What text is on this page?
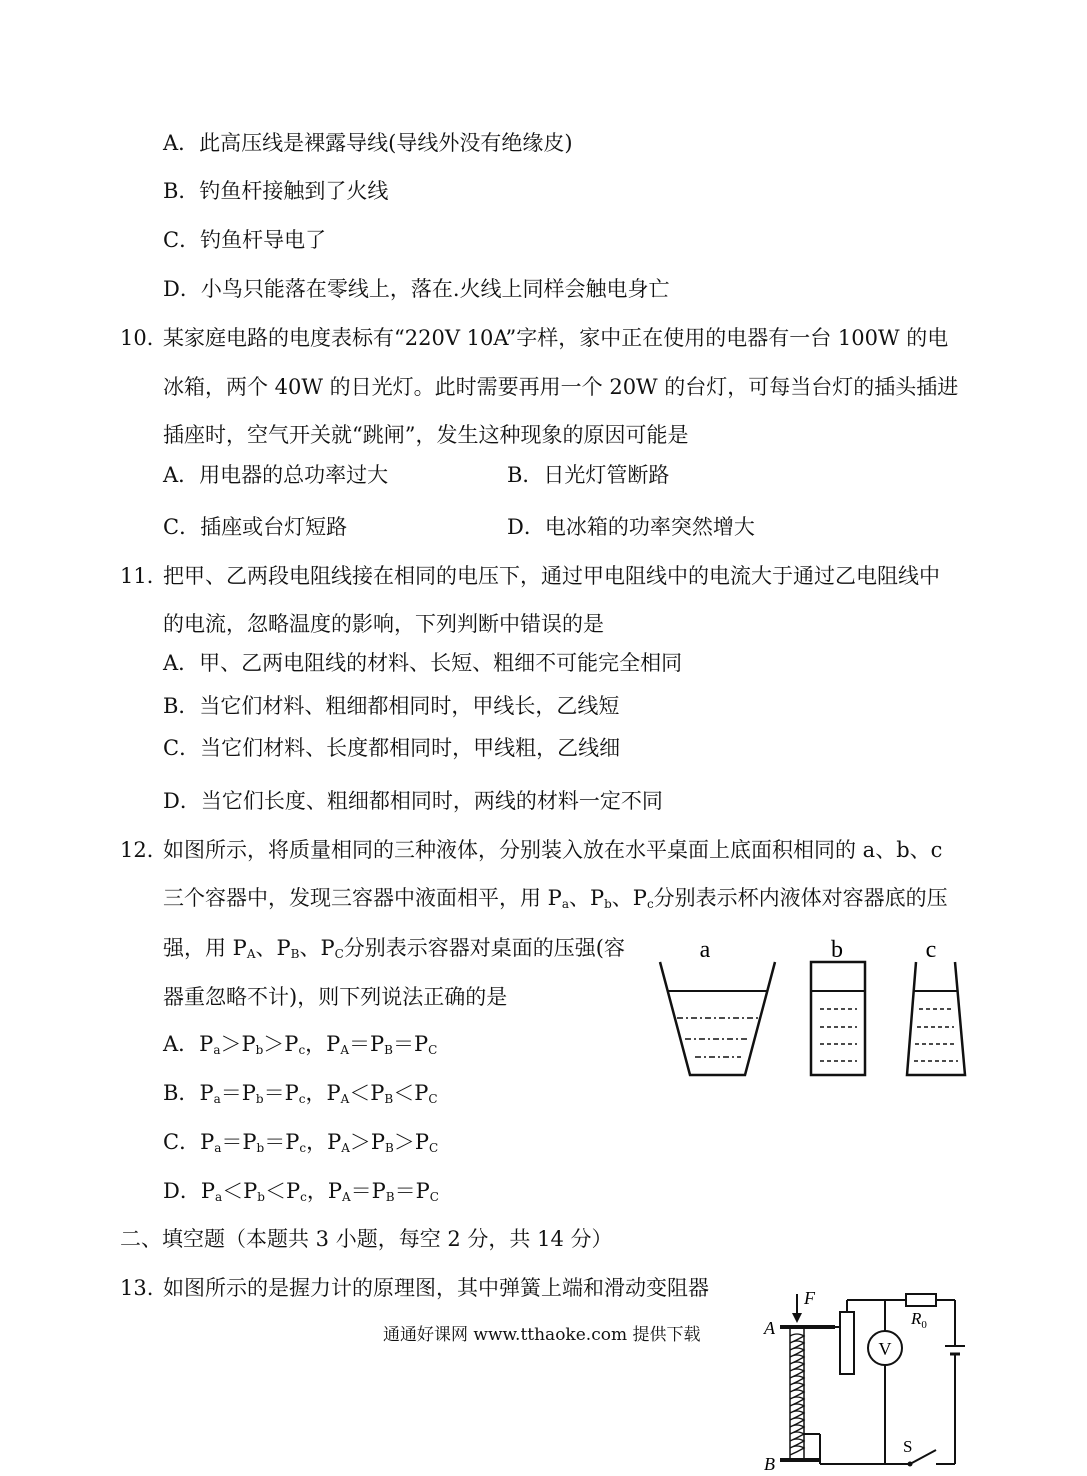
A．此高压线是裸露导线(导线外没有绝缘皮)
B．钓鱼杆接触到了火线
C．钓鱼杆导电了
D．小鸟只能落在零线上，落在.火线上同样会触电身亡
10．
某家庭电路的电度表标有“220V 10A”字样，家中正在使用的电器有一台 100W 的电
冰箱，两个 40W 的日光灯。此时需要再用一个 20W 的台灯，可每当台灯的插头插进
插座时，空气开关就“跳闸”，发生这种现象的原因可能是
A．用电器的总功率过大	B．日光灯管断路
C．插座或台灯短路	D．电冰箱的功率突然增大
11．
把甲、乙两段电阻线接在相同的电压下，通过甲电阻线中的电流大于通过乙电阻线中
的电流，忽略温度的影响，下列判断中错误的是
A．甲、乙两电阻线的材料、长短、粗细不可能完全相同
B．当它们材料、粗细都相同时，甲线长，乙线短
C．当它们材料、长度都相同时，甲线粗，乙线细
D．当它们长度、粗细都相同时，两线的材料一定不同
12．
如图所示，将质量相同的三种液体，分别装入放在水平桌面上底面积相同的 a、b、c
三个容器中，发现三容器中液面相平，用 $P_a$、$P_b$、$P_c$分别表示杯内液体对容器底的压
强，用 $P_A$、$P_B$、$P_C$分别表示容器对桌面的压强(容
器重忽略不计)，则下列说法正确的是
A．$P_a>P_b>P_c$，$P_A=P_B=P_C$
B．$P_a=P_b=P_c$，$P_A<P_B<P_C$
C．$P_a=P_b=P_c$，$P_A>P_B>P_C$
D．$P_a<P_b<P_c$，$P_A=P_B=P_C$
a	b	c
二、填空题（本题共 3 小题，每空 2 分，共 14 分）
13. 如图所示的是握力计的原理图，其中弹簧上端和滑动变阻器	F
A
B
$R_0$
V
S
通通好课网 www.tthaoke.com 提供下载
